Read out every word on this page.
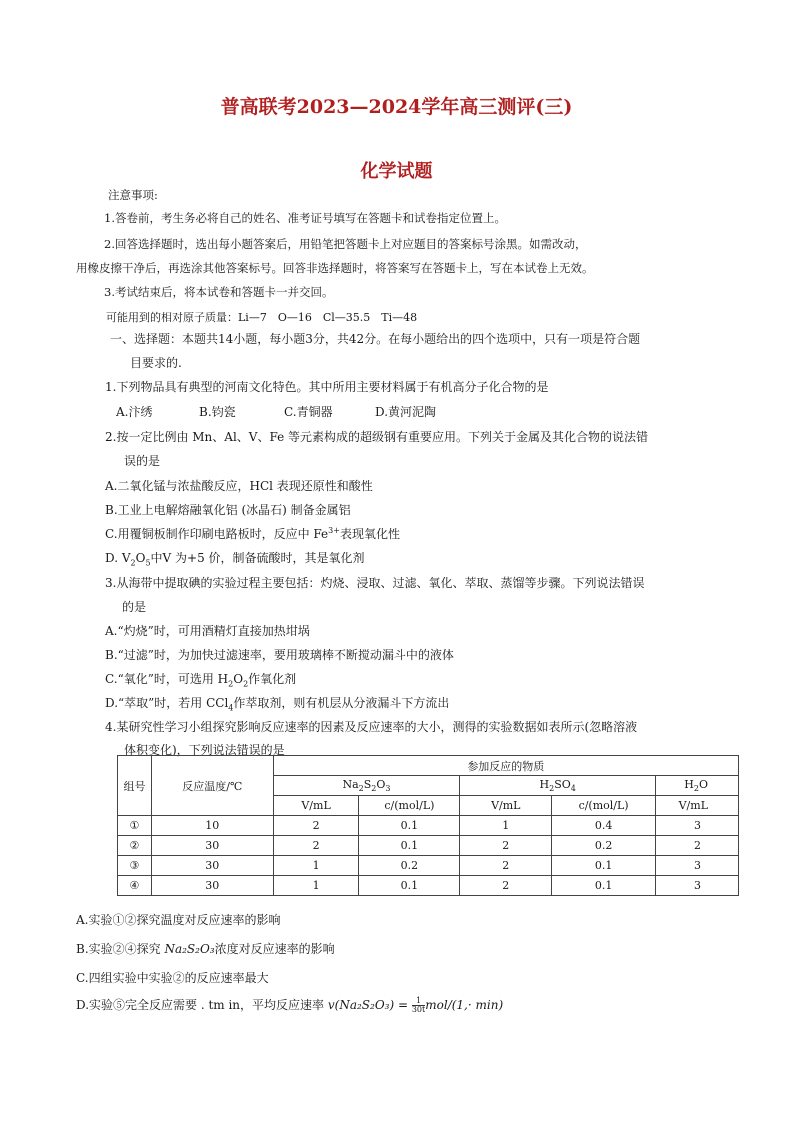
普高联考2023—2024学年高三测评(三)
化学试题
注意事项:
1.答卷前，考生务必将自己的姓名、准考证号填写在答题卡和试卷指定位置上。
2.回答选择题时，选出每小题答案后，用铅笔把答题卡上对应题目的答案标号涂黑。如需改动，
用橡皮擦干净后，再选涂其他答案标号。回答非选择题时，将答案写在答题卡上，写在本试卷上无效。
3.考试结束后，将本试卷和答题卡一并交回。
可能用到的相对原子质量：Li—7　O—16　Cl—35.5　Ti—48
一、选择题：本题共14小题，每小题3分，共42分。在每小题给出的四个选项中，只有一项是符合题
目要求的.
1.下列物品具有典型的河南文化特色。其中所用主要材料属于有机高分子化合物的是
A.汴绣	B.钧瓷	C.青铜器	D.黄河泥陶
2.按一定比例由 Mn、Al、V、Fe 等元素构成的超级钢有重要应用。下列关于金属及其化合物的说法错
误的是
A.二氧化锰与浓盐酸反应，HCl 表现还原性和酸性
B.工业上电解熔融氧化铝 (冰晶石) 制备金属铝
C.用覆铜板制作印刷电路板时，反应中 $Fe^{3+}$表现氧化性
D. $V_2O_5$中V 为+5 价，制备硫酸时，其是氧化剂
3.从海带中提取碘的实验过程主要包括：灼烧、浸取、过滤、氧化、萃取、蒸馏等步骤。下列说法错误
的是
A.“灼烧”时，可用酒精灯直接加热坩埚
B.“过滤”时，为加快过滤速率，要用玻璃棒不断搅动漏斗中的液体
C.“氧化”时，可选用 $H_2O_2$作氧化剂
D.“萃取”时，若用 CCl$_4$作萃取剂，则有机层从分液漏斗下方流出
4.某研究性学习小组探究影响反应速率的因素及反应速率的大小，测得的实验数据如表所示(忽略溶液
体积变化)，下列说法错误的是
组号	反应温度/℃	参加反应的物质				
		$Na_2S_2O_3$		$H_2SO_4$		$H_2O$
		V/mL	c/(mol/L)	V/mL	c/(mol/L)	V/mL
①	10	2	0.1	1	0.4	3
②	30	2	0.1	2	0.2	2
③	30	1	0.2	2	0.1	3
④	30	1	0.1	2	0.1	3
A.实验①②探究温度对反应速率的影响
B.实验②④探究 Na₂S₂O₃浓度对反应速率的影响
C.四组实验中实验②的反应速率最大
D.实验⑤完全反应需要 . tm in，平均反应速率 $v(Na_2S_2O_3) = \frac{1}{30t} mol/(1,\cdot \min)$
